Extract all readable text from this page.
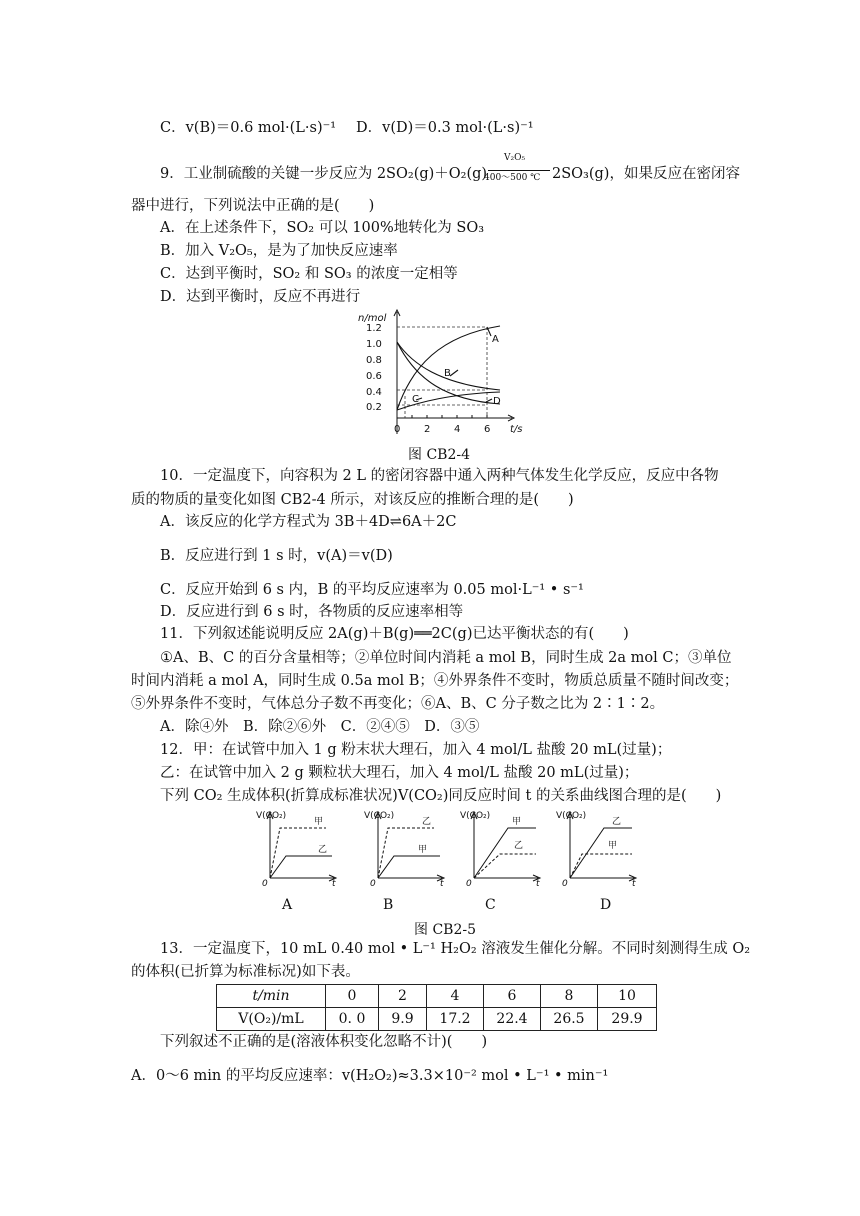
C．v(B)＝0.6 mol·(L·s)⁻¹ D．v(D)＝0.3 mol·(L·s)⁻¹
9．工业制硫酸的关键一步反应为 2SO₂(g)＋O₂(g)
V₂O₅
400～500 ℃ 2SO₃(g)，如果反应在密闭容
器中进行，下列说法中正确的是(　　)
A．在上述条件下，SO₂ 可以 100%地转化为 SO₃
B．加入 V₂O₅，是为了加快反应速率
C．达到平衡时，SO₂ 和 SO₃ 的浓度一定相等
D．达到平衡时，反应不再进行
n/mol
1.2
1.0
0.8
0.6
0.4
0.2
0 2 4 6 t/s
A
B
C	D
图 CB2-4
10．一定温度下，向容积为 2 L 的密闭容器中通入两种气体发生化学反应，反应中各物
质的物质的量变化如图 CB2-4 所示，对该反应的推断合理的是(　　)
A．该反应的化学方程式为 3B＋4D⇌6A＋2C
B．反应进行到 1 s 时，v(A)＝v(D)
C．反应开始到 6 s 内，B 的平均反应速率为 0.05 mol·L⁻¹ • s⁻¹
D．反应进行到 6 s 时，各物质的反应速率相等
11．下列叙述能说明反应 2A(g)＋B(g)══2C(g)已达平衡状态的有(　　)
①A、B、C 的百分含量相等；②单位时间内消耗 a mol B，同时生成 2a mol C；③单位
时间内消耗 a mol A，同时生成 0.5a mol B；④外界条件不变时，物质总质量不随时间改变；
⑤外界条件不变时，气体总分子数不再变化；⑥A、B、C 分子数之比为 2∶1∶2。
A．除④外　B．除②⑥外　C．②④⑤　D．③⑤
12．甲：在试管中加入 1 g 粉末状大理石，加入 4 mol/L 盐酸 20 mL(过量)；
乙：在试管中加入 2 g 颗粒状大理石，加入 4 mol/L 盐酸 20 mL(过量)；
下列 CO₂ 生成体积(折算成标准状况)V(CO₂)同反应时间 t 的关系曲线图合理的是(　　)
V(CO₂)
甲
乙
0	t
V(CO₂)
乙
甲
0	t
V(CO₂)
甲
乙
0	t
V(CO₂)
乙
甲
0	t
A	B	C	D
图 CB2-5
13．一定温度下，10 mL 0.40 mol • L⁻¹ H₂O₂ 溶液发生催化分解。不同时刻测得生成 O₂
的体积(已折算为标准标况)如下表。
t/min	0	2	4	6	8	10
V(O₂)/mL	0. 0	9.9	17.2	22.4	26.5	29.9
下列叙述不正确的是(溶液体积变化忽略不计)(　　)
A．0～6 min 的平均反应速率：v(H₂O₂)≈3.3×10⁻² mol • L⁻¹ • min⁻¹
